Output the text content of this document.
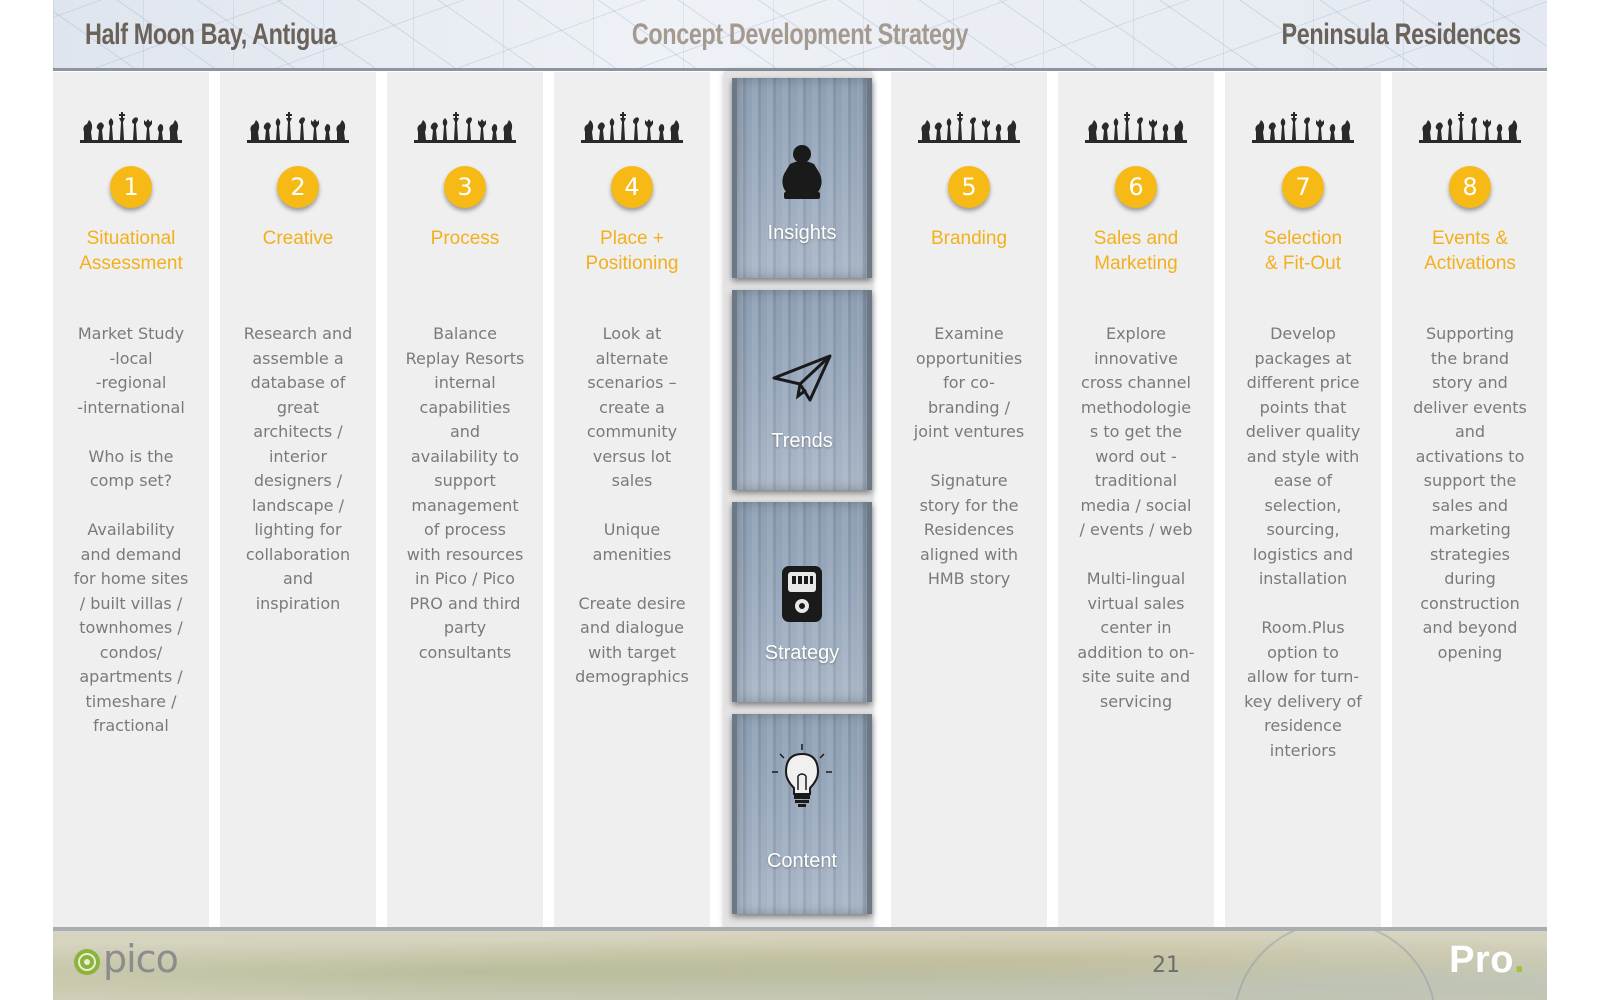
Half Moon Bay, Antigua	Concept Development Strategy	Peninsula Residences
1
Situational
Assessment
Market Study
-local
-regional
-international

Who is the
comp set?

Availability
and demand
for home sites
/ built villas /
townhomes /
condos/
apartments /
timeshare /
fractional
2
Creative
Research and
assemble a
database of
great
architects /
interior
designers /
landscape /
lighting for
collaboration
and
inspiration
3
Process
Balance
Replay Resorts
internal
capabilities
and
availability to
support
management
of process
with resources
in Pico / Pico
PRO and third
party
consultants
4
Place +
Positioning
Look at
alternate
scenarios –
create a
community
versus lot
sales

Unique
amenities

Create desire
and dialogue
with target
demographics
5
Branding
Examine
opportunities
for co-
branding /
joint ventures

Signature
story for the
Residences
aligned with
HMB story
6
Sales and
Marketing
Explore
innovative
cross channel
methodologie
s to get the
word out -
traditional
media / social
/ events / web

Multi-lingual
virtual sales
center in
addition to on-
site suite and
servicing
7
Selection
& Fit-Out
Develop
packages at
different price
points that
deliver quality
and style with
ease of
selection,
sourcing,
logistics and
installation

Room.Plus
option to
allow for turn-
key delivery of
residence
interiors
8
Events &
Activations
Supporting
the brand
story and
deliver events
and
activations to
support the
sales and
marketing
strategies
during
construction
and beyond
opening
Insights
Trends
Strategy
Content
pico	21	Pro.
